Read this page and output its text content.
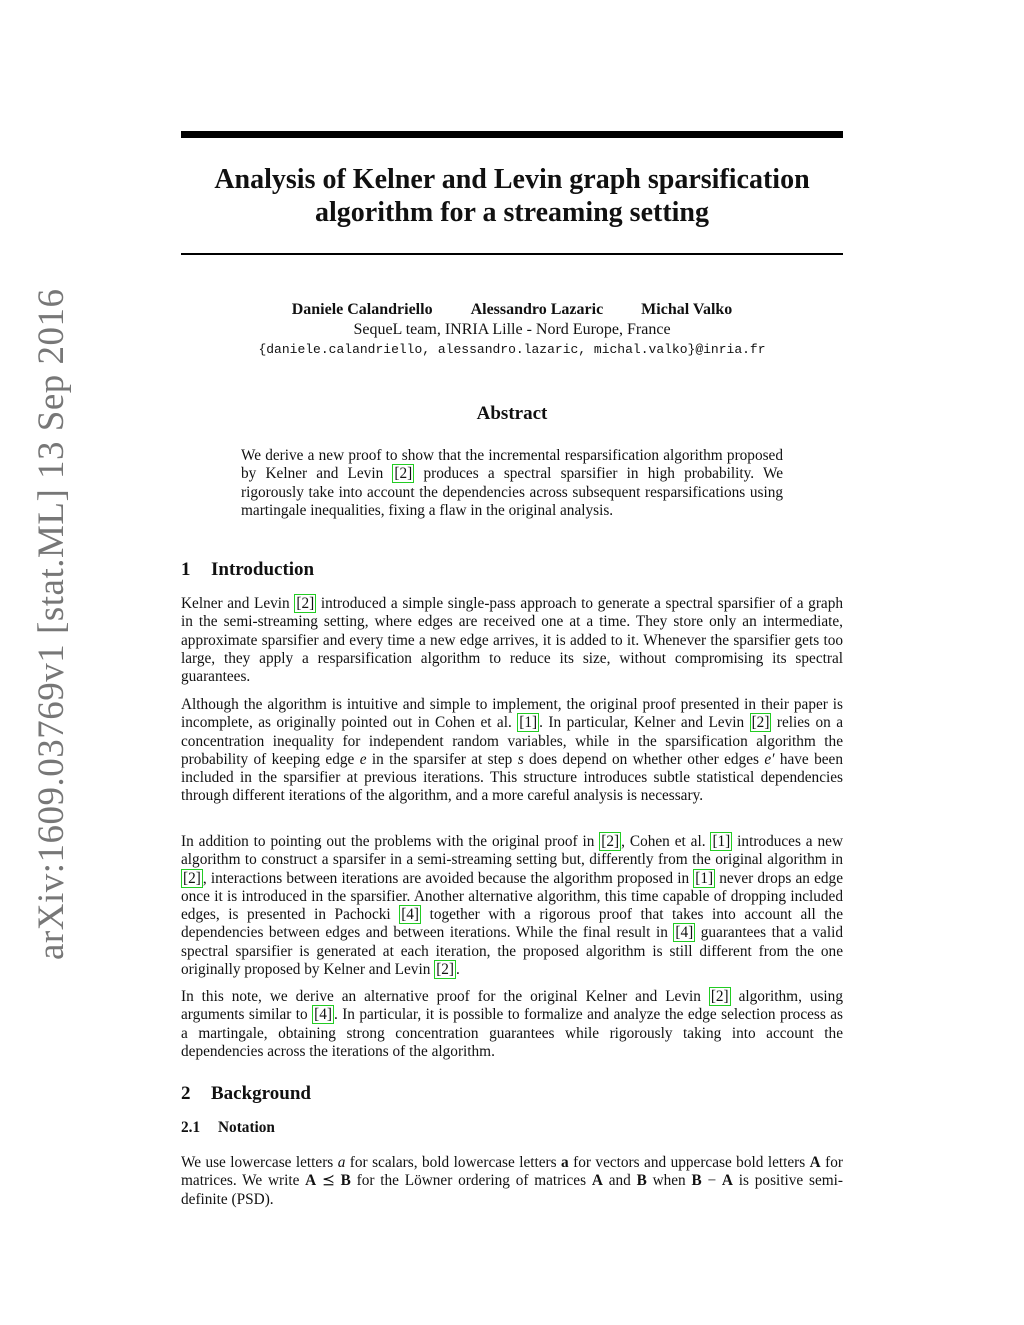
arXiv:1609.03769v1 [stat.ML] 13 Sep 2016
Analysis of Kelner and Levin graph sparsification
algorithm for a streaming setting
Daniele Calandriello Alessandro Lazaric Michal Valko
SequeL team, INRIA Lille - Nord Europe, France
{daniele.calandriello, alessandro.lazaric, michal.valko}@inria.fr
Abstract

We derive a new proof to show that the incremental resparsification algorithm proposed by Kelner and Levin [2] produces a spectral sparsifier in high probability. We rigorously take into account the dependencies across subsequent resparsifications using martingale inequalities, fixing a flaw in the original analysis.

1 Introduction

Kelner and Levin [2] introduced a simple single-pass approach to generate a spectral sparsifier of a graph in the semi-streaming setting, where edges are received one at a time. They store only an intermediate, approximate sparsifier and every time a new edge arrives, it is added to it. Whenever the sparsifier gets too large, they apply a resparsification algorithm to reduce its size, without compromising its spectral guarantees.

Although the algorithm is intuitive and simple to implement, the original proof presented in their paper is incomplete, as originally pointed out in Cohen et al. [1] . In particular, Kelner and Levin [2] relies on a concentration inequality for independent random variables, while in the sparsification algorithm the probability of keeping edge e in the sparsifer at step s does depend on whether other edges e′ have been included in the sparsifier at previous iterations. This structure introduces subtle statistical dependencies through different iterations of the algorithm, and a more careful analysis is necessary.

In addition to pointing out the problems with the original proof in [2] , Cohen et al. [1] introduces a new algorithm to construct a sparsifer in a semi-streaming setting but, differently from the original algorithm in [2] , interactions between iterations are avoided because the algorithm proposed in [1] never drops an edge once it is introduced in the sparsifier. Another alternative algorithm, this time capable of dropping included edges, is presented in Pachocki [4] together with a rigorous proof that takes into account all the dependencies between edges and between iterations. While the final result in [4] guarantees that a valid spectral sparsifier is generated at each iteration, the proposed algorithm is still different from the one originally proposed by Kelner and Levin [2] .

In this note, we derive an alternative proof for the original Kelner and Levin [2] algorithm, using arguments similar to [4] . In particular, it is possible to formalize and analyze the edge selection process as a martingale, obtaining strong concentration guarantees while rigorously taking into account the dependencies across the iterations of the algorithm.

2 Background
2.1 Notation

We use lowercase letters a for scalars, bold lowercase letters a for vectors and uppercase bold letters A for matrices. We write A ⪯ B for the Löwner ordering of matrices A and B when B − A is positive semi-definite (PSD).
